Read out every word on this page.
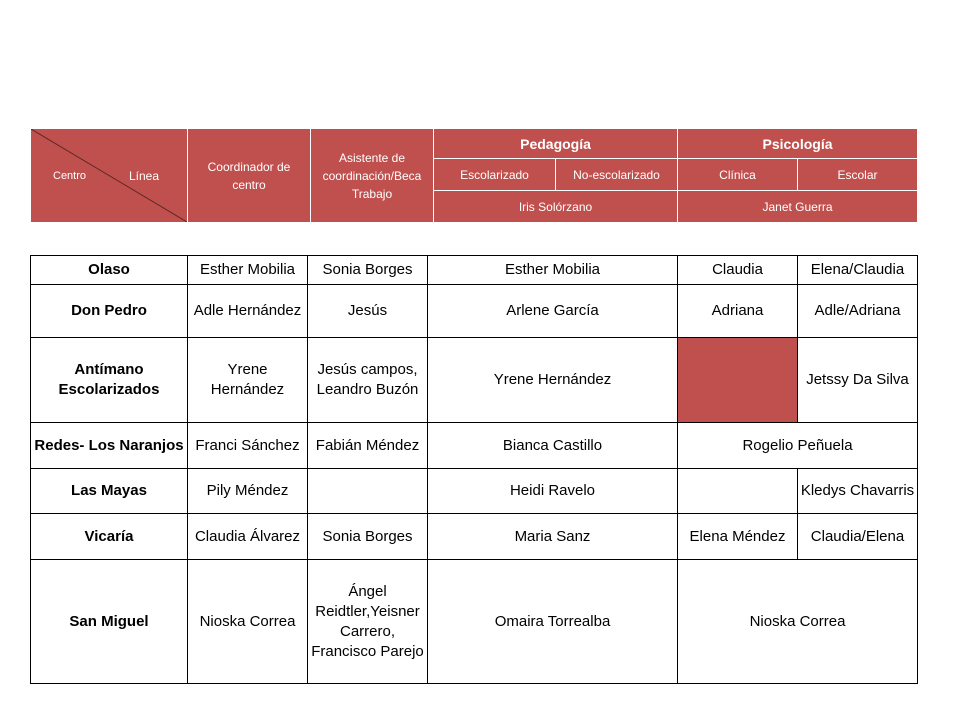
Centro Línea	Coordinador de centro	Asistente de coordinación/Beca Trabajo	Pedagogía		Psicología	
			Escolarizado	No-escolarizado	Clínica	Escolar
			Iris Solórzano		Janet Guerra	
Olaso	Esther Mobilia	Sonia Borges	Esther Mobilia	Claudia	Elena/Claudia
Don Pedro	Adle Hernández	Jesús	Arlene García	Adriana	Adle/Adriana
Antímano Escolarizados	Yrene Hernández	Jesús campos, Leandro Buzón	Yrene Hernández		Jetssy Da Silva
Redes- Los Naranjos	Franci Sánchez	Fabián Méndez	Bianca Castillo	Rogelio Peñuela	
Las Mayas	Pily Méndez		Heidi Ravelo		Kledys Chavarris
Vicaría	Claudia Álvarez	Sonia Borges	Maria Sanz	Elena Méndez	Claudia/Elena
San Miguel	Nioska Correa	Ángel Reidtler,Yeisner Carrero, Francisco Parejo	Omaira Torrealba	Nioska Correa	
